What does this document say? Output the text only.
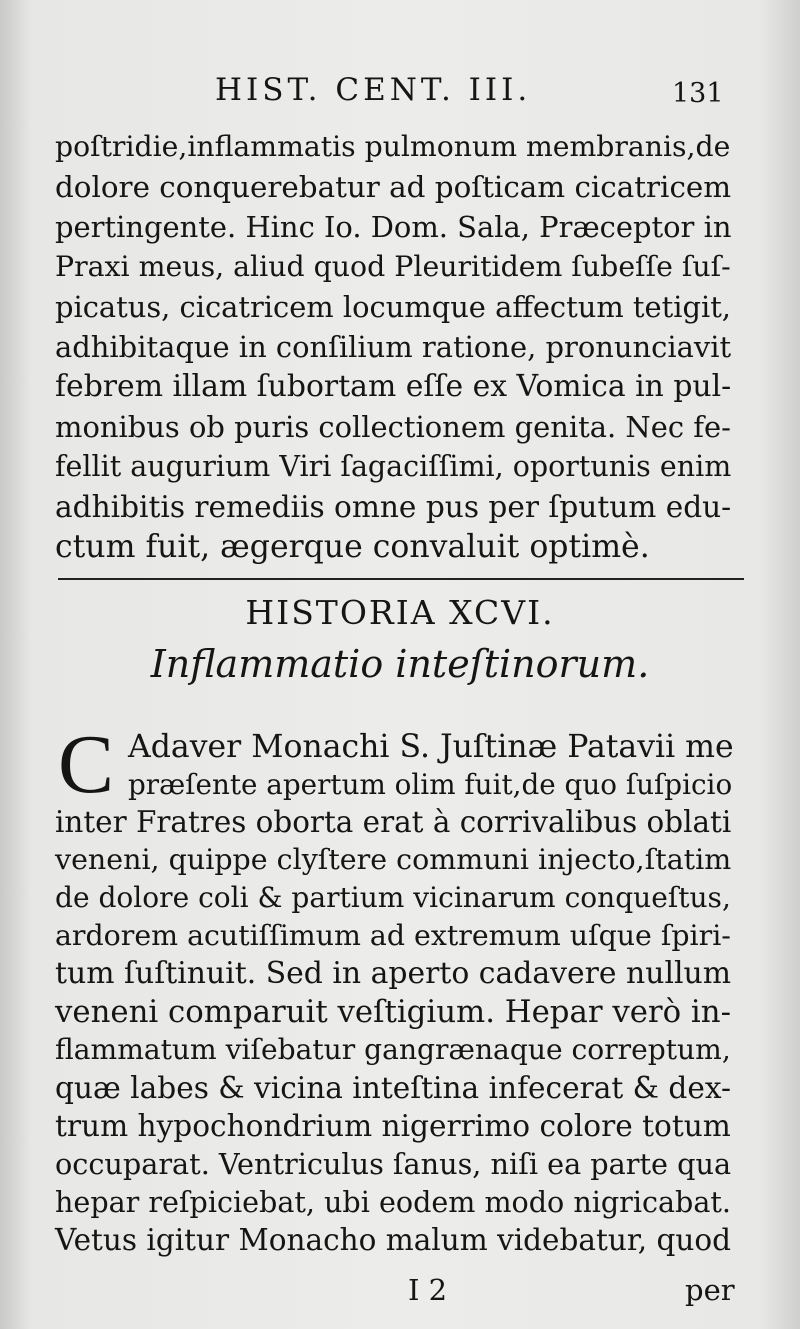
HIST. CENT. III.	131
poſtridie,inflammatis pulmonum membranis,de
dolore conquerebatur ad poſticam cicatricem
pertingente. Hinc Io. Dom. Sala, Præceptor in
Praxi meus, aliud quod Pleuritidem ſubeſſe ſuſ-
picatus, cicatricem locumque affectum tetigit,
adhibitaque in conſilium ratione, pronunciavit
febrem illam ſubortam eſſe ex Vomica in pul-
monibus ob puris collectionem genita. Nec fe-
fellit augurium Viri ſagaciſſimi, oportunis enim
adhibitis remediis omne pus per ſputum edu-
ctum fuit, ægerque convaluit optimè.
HISTORIA XCVI.
Inflammatio inteſtinorum.
C Adaver Monachi S. Juſtinæ Patavii me
præſente apertum olim fuit,de quo ſuſpicio
inter Fratres oborta erat à corrivalibus oblati
veneni, quippe clyſtere communi injecto,ſtatim
de dolore coli & partium vicinarum conqueſtus,
ardorem acutiſſimum ad extremum uſque ſpiri-
tum ſuſtinuit. Sed in aperto cadavere nullum
veneni comparuit veſtigium. Hepar verò in-
flammatum viſebatur gangrænaque correptum,
quæ labes & vicina inteſtina infecerat & dex-
trum hypochondrium nigerrimo colore totum
occuparat. Ventriculus ſanus, niſi ea parte qua
hepar reſpiciebat, ubi eodem modo nigricabat.
Vetus igitur Monacho malum videbatur, quod
I 2	per
